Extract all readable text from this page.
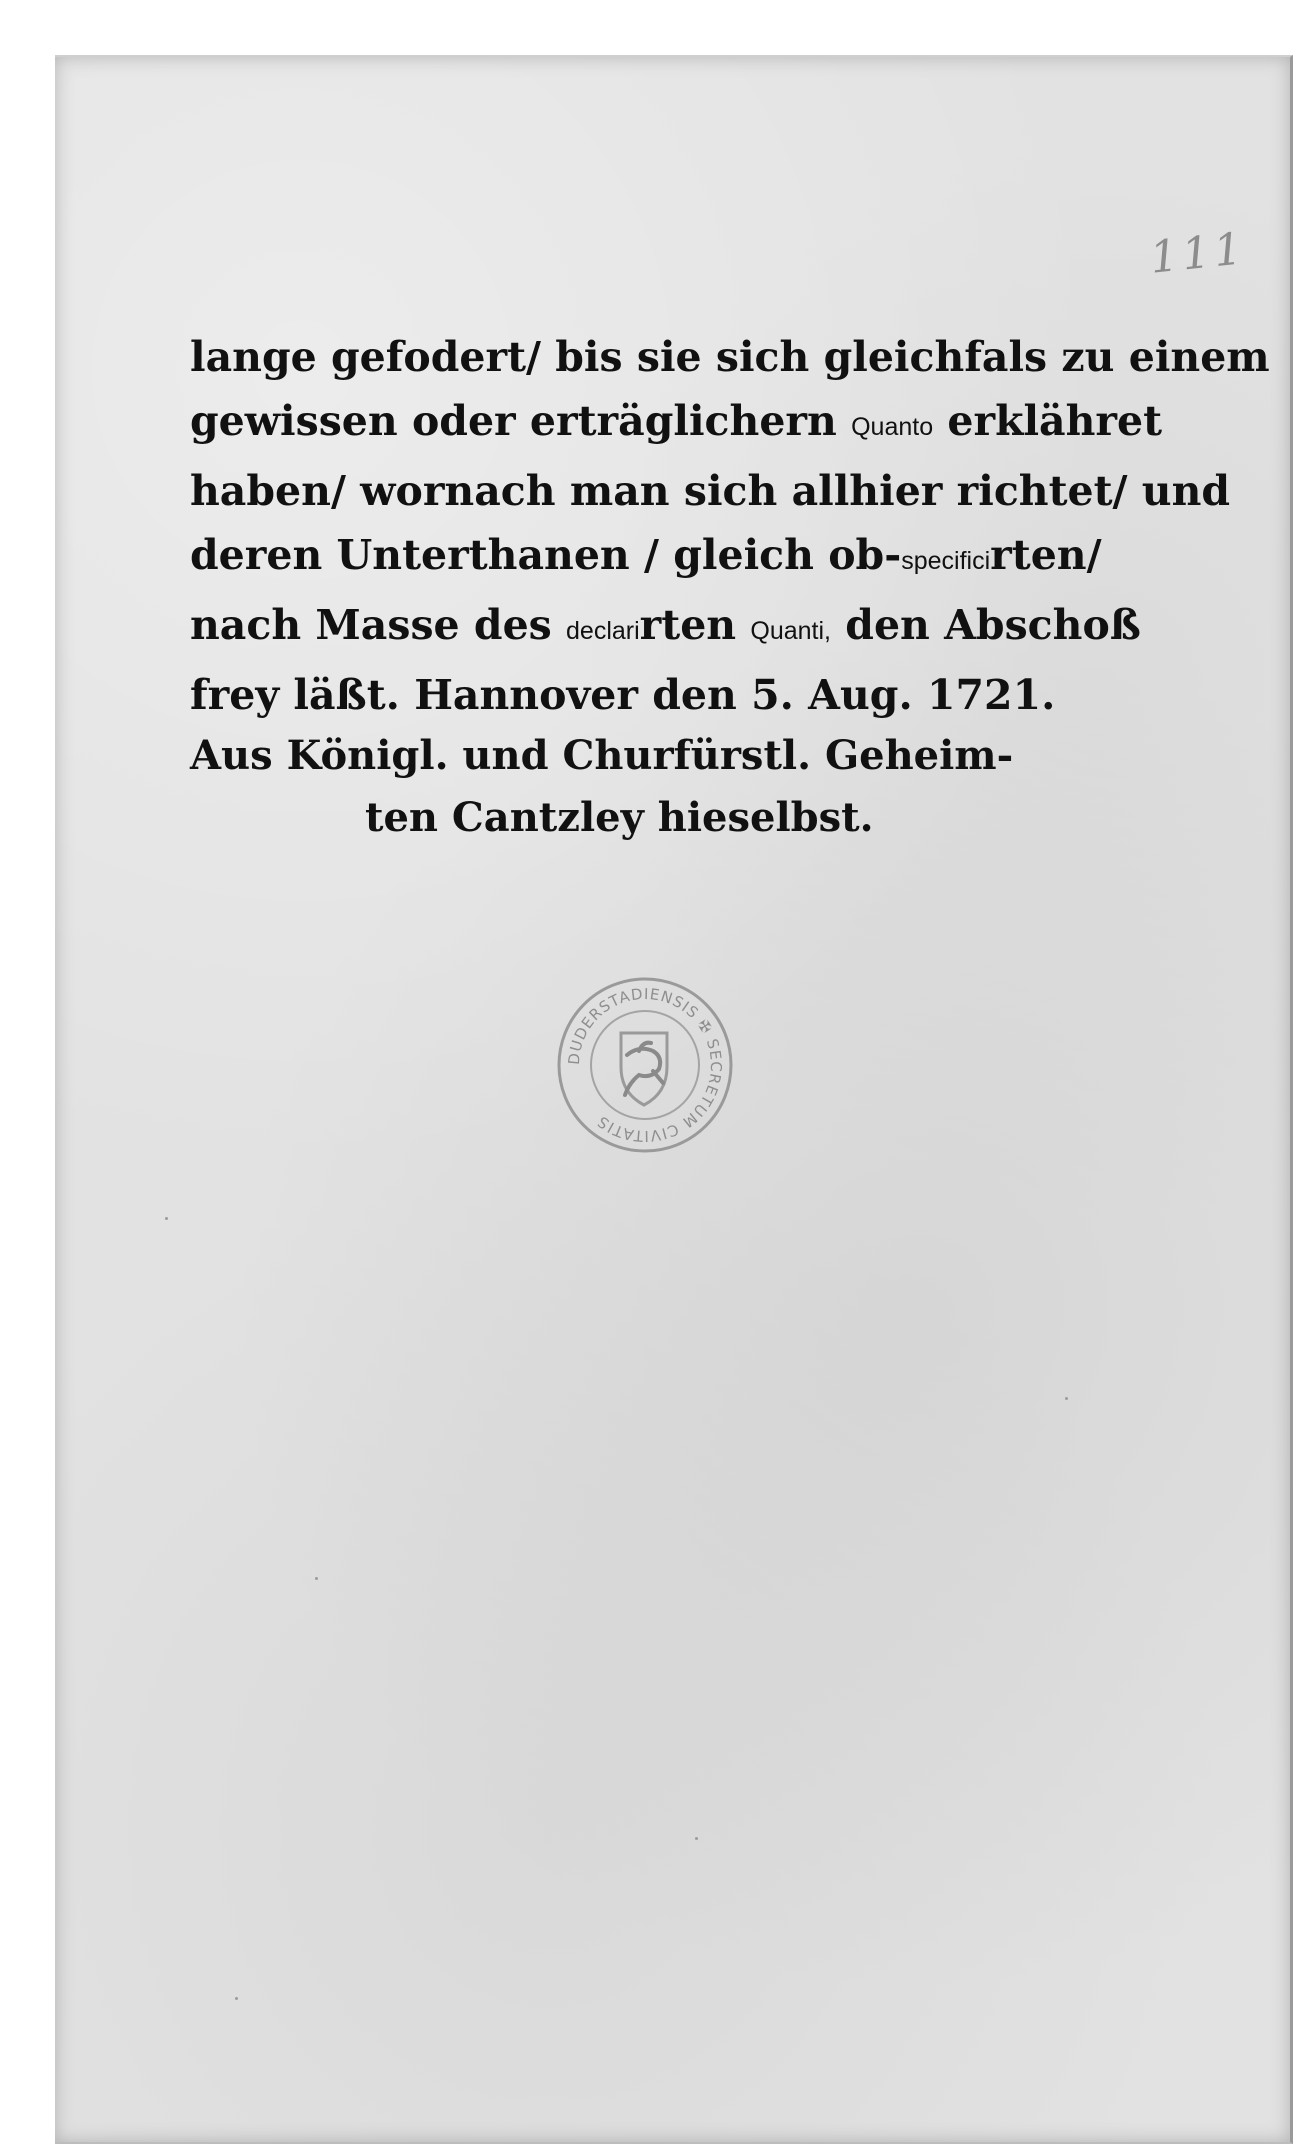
111
lange gefodert/ bis sie sich gleichfals zu einem
gewissen oder erträglichern Quanto erklähret
haben/ wornach man sich allhier richtet/ und
deren Unterthanen / gleich ob-specificirten/
nach Masse des declarirten Quanti, den Abschoß
frey läßt. Hannover den 5. Aug. 1721.
Aus Königl. und Churfürstl. Geheim-
ten Cantzley hieselbst.
DUDERSTADIENSIS ✠ SECRETUM CIVITATIS
